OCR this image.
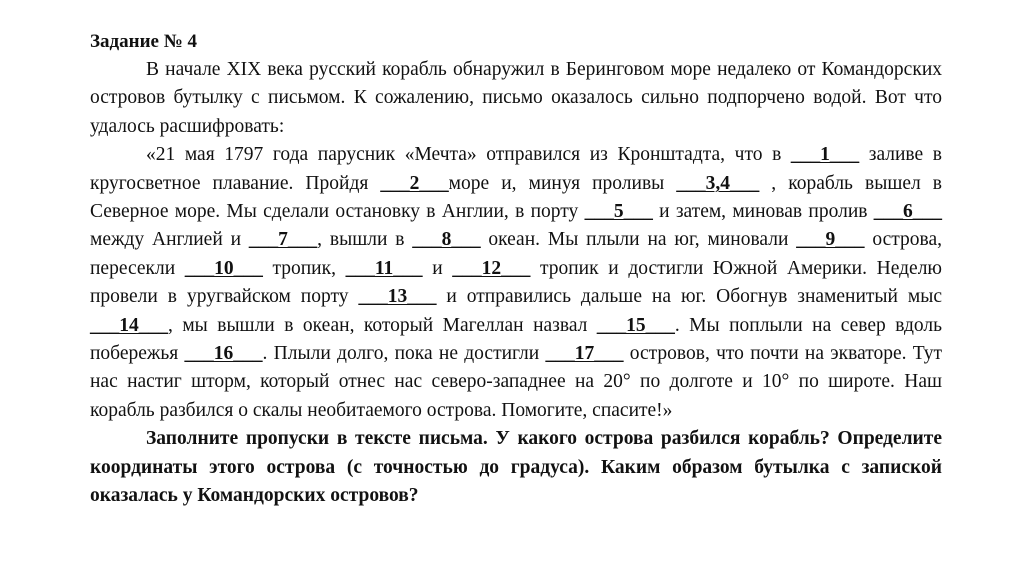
Задание № 4

В начале XIX века русский корабль обнаружил в Беринговом море недалеко от Командорских островов бутылку с письмом. К сожалению, письмо оказалось сильно подпорчено водой. Вот что удалось расшифровать:

«21 мая 1797 года парусник «Мечта» отправился из Кронштадта, что в ___1___ заливе в кругосветное плавание. Пройдя ___2___море и, минуя проливы ___3,4___ , корабль вышел в Северное море. Мы сделали остановку в Англии, в порту ___5___ и затем, миновав пролив ___6___ между Англией и ___7___, вышли в ___8___ океан. Мы плыли на юг, миновали ___9___ острова, пересекли ___10___ тропик, ___11___ и ___12___ тропик и достигли Южной Америки. Неделю провели в уругвайском порту ___13___ и отправились дальше на юг. Обогнув знаменитый мыс ___14___, мы вышли в океан, который Магеллан назвал ___15___. Мы поплыли на север вдоль побережья ___16___. Плыли долго, пока не достигли ___17___ островов, что почти на экваторе. Тут нас настиг шторм, который отнес нас северо-западнее на 20° по долготе и 10° по широте. Наш корабль разбился о скалы необитаемого острова. Помогите, спасите!»

Заполните пропуски в тексте письма. У какого острова разбился корабль? Определите координаты этого острова (с точностью до градуса). Каким образом бутылка с запиской оказалась у Командорских островов?
